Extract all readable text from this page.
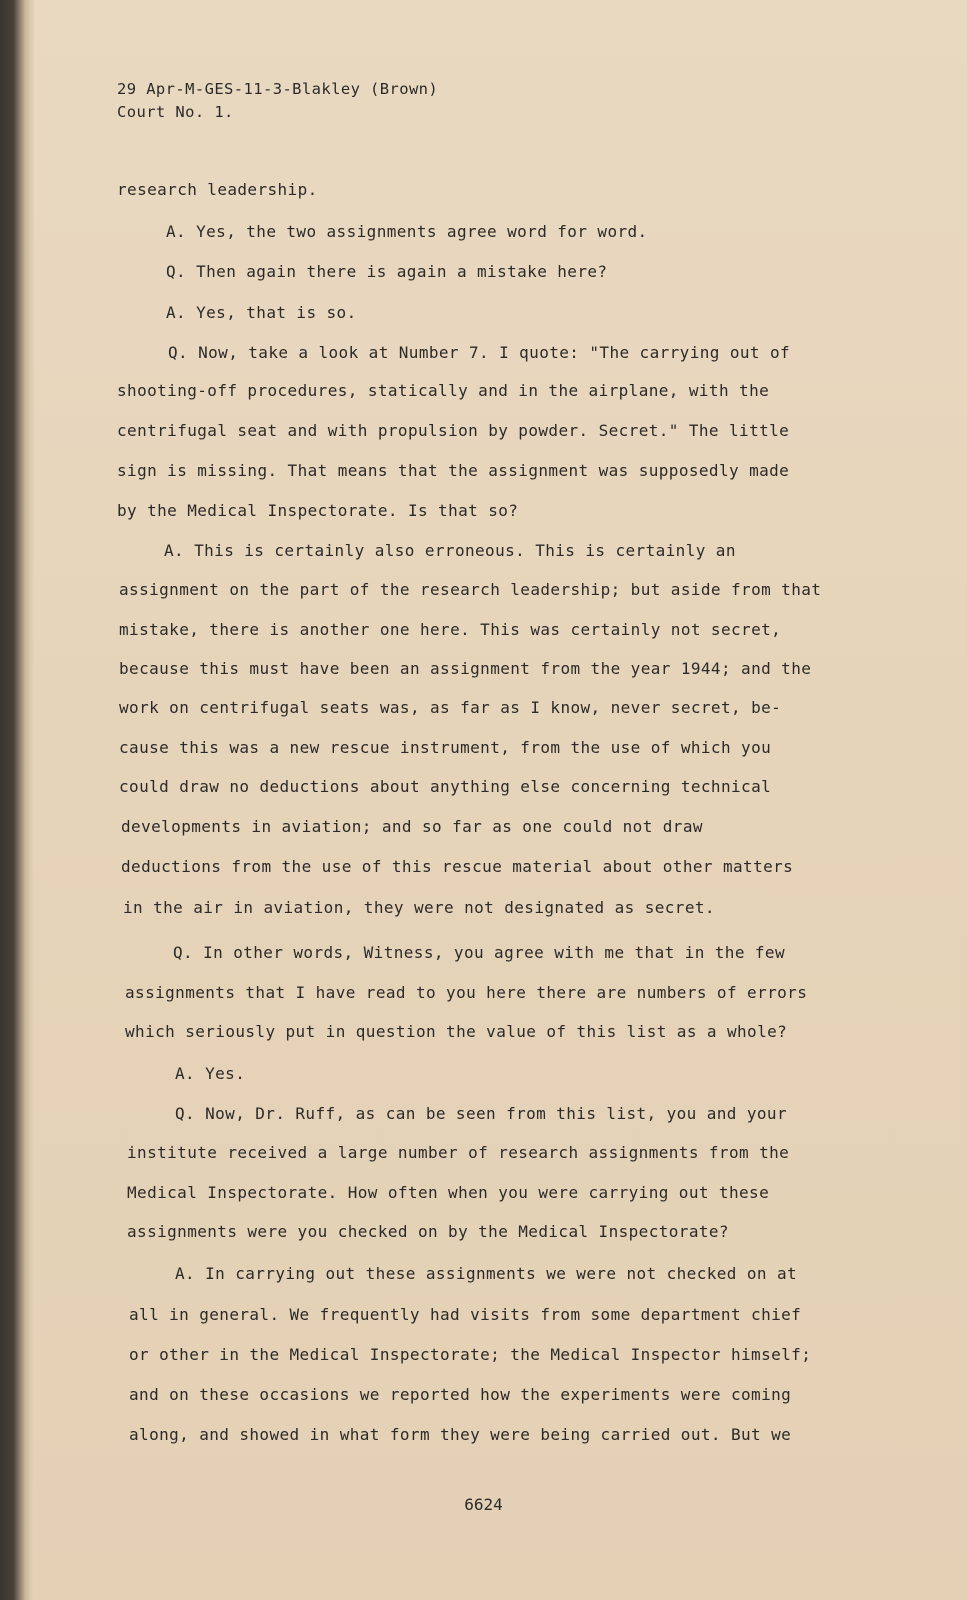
29 Apr-M-GES-11-3-Blakley (Brown)
Court No. 1.
research leadership.
A. Yes, the two assignments agree word for word.
Q. Then again there is again a mistake here?
A. Yes, that is so.
Q. Now, take a look at Number 7. I quote: "The carrying out of
shooting-off procedures, statically and in the airplane, with the
centrifugal seat and with propulsion by powder. Secret." The little
sign is missing. That means that the assignment was supposedly made
by the Medical Inspectorate. Is that so?
A. This is certainly also erroneous. This is certainly an
assignment on the part of the research leadership; but aside from that
mistake, there is another one here. This was certainly not secret,
because this must have been an assignment from the year 1944; and the
work on centrifugal seats was, as far as I know, never secret, be-
cause this was a new rescue instrument, from the use of which you
could draw no deductions about anything else concerning technical
developments in aviation; and so far as one could not draw
deductions from the use of this rescue material about other matters
in the air in aviation, they were not designated as secret.
Q. In other words, Witness, you agree with me that in the few
assignments that I have read to you here there are numbers of errors
which seriously put in question the value of this list as a whole?
A. Yes.
Q. Now, Dr. Ruff, as can be seen from this list, you and your
institute received a large number of research assignments from the
Medical Inspectorate. How often when you were carrying out these
assignments were you checked on by the Medical Inspectorate?
A. In carrying out these assignments we were not checked on at
all in general. We frequently had visits from some department chief
or other in the Medical Inspectorate; the Medical Inspector himself;
and on these occasions we reported how the experiments were coming
along, and showed in what form they were being carried out. But we
6624
